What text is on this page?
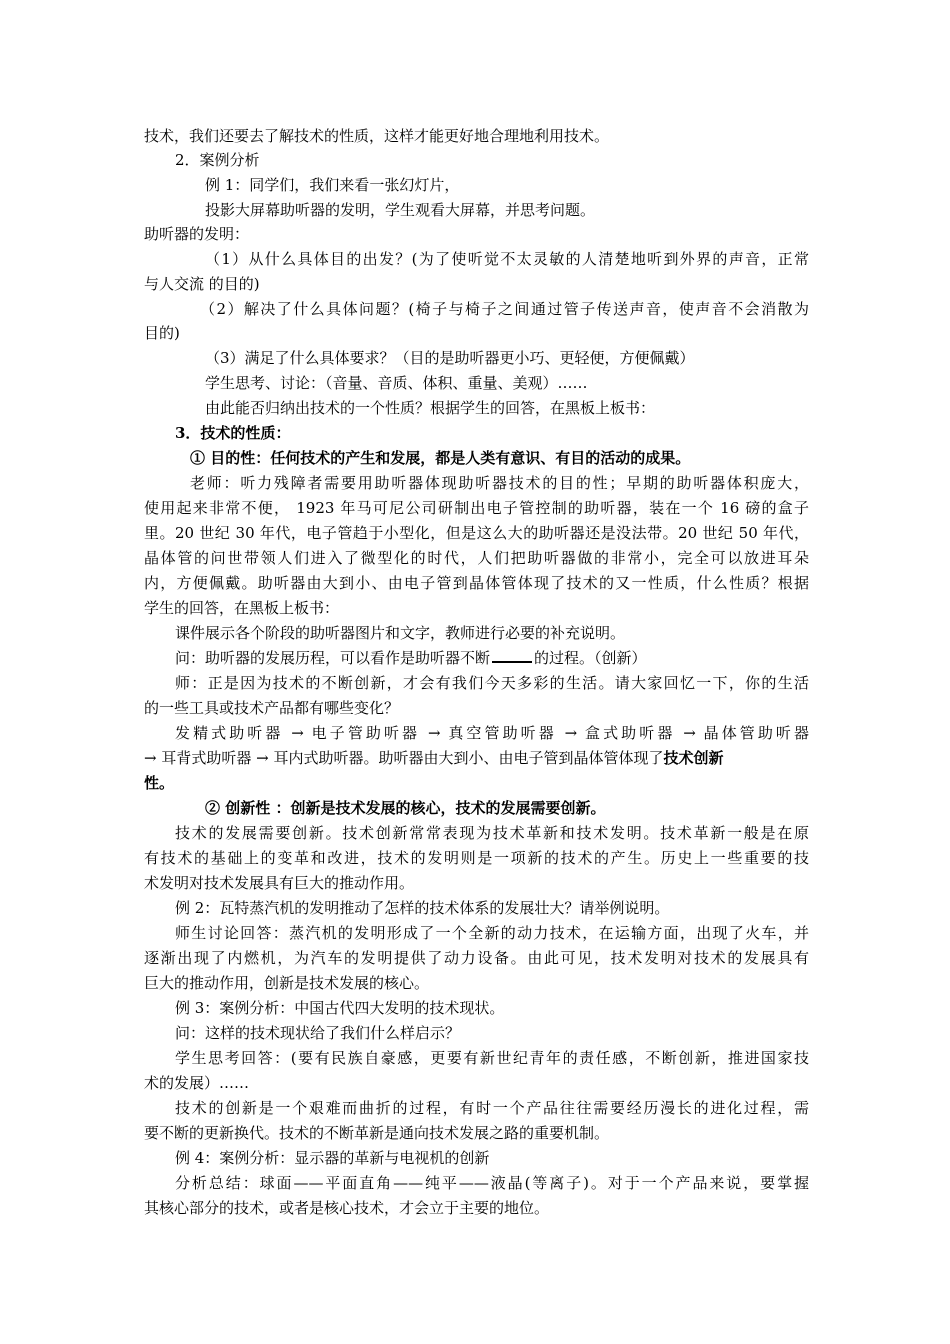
技术，我们还要去了解技术的性质，这样才能更好地合理地利用技术。
2．案例分析
例 1：同学们，我们来看一张幻灯片，
投影大屏幕助听器的发明，学生观看大屏幕，并思考问题。
助听器的发明：
（1）从什么具体目的出发？(为了使听觉不太灵敏的人清楚地听到外界的声音，正常
与人交流 的目的)
（2）解决了什么具体问题？(椅子与椅子之间通过管子传送声音，使声音不会消散为
目的)
（3）满足了什么具体要求？（目的是助听器更小巧、更轻便，方便佩戴）
学生思考、讨论：（音量、音质、体积、重量、美观）……
由此能否归纳出技术的一个性质？根据学生的回答，在黑板上板书：
3．技术的性质：
① 目的性：任何技术的产生和发展，都是人类有意识、有目的活动的成果。
老师：听力残障者需要用助听器体现助听器技术的目的性；早期的助听器体积庞大，
使用起来非常不便， 1923 年马可尼公司研制出电子管控制的助听器，装在一个 16 磅的盒子
里。20 世纪 30 年代，电子管趋于小型化，但是这么大的助听器还是没法带。20 世纪 50 年代，
晶体管的问世带领人们进入了微型化的时代，人们把助听器做的非常小，完全可以放进耳朵
内，方便佩戴。助听器由大到小、由电子管到晶体管体现了技术的又一性质，什么性质？根据
学生的回答，在黑板上板书：
课件展示各个阶段的助听器图片和文字，教师进行必要的补充说明。
问：助听器的发展历程，可以看作是助听器不断	的过程。（创新）
师：正是因为技术的不断创新，才会有我们今天多彩的生活。请大家回忆一下，你的生活
的一些工具或技术产品都有哪些变化？
发精式助听器 → 电子管助听器 → 真空管助听器 → 盒式助听器 → 晶体管助听器
→ 耳背式助听器 → 耳内式助听器。助听器由大到小、由电子管到晶体管体现了技术创新
性。
② 创新性 ：创新是技术发展的核心，技术的发展需要创新。
技术的发展需要创新。技术创新常常表现为技术革新和技术发明。技术革新一般是在原
有技术的基础上的变革和改进，技术的发明则是一项新的技术的产生。历史上一些重要的技
术发明对技术发展具有巨大的推动作用。
例 2：瓦特蒸汽机的发明推动了怎样的技术体系的发展壮大？请举例说明。
师生讨论回答：蒸汽机的发明形成了一个全新的动力技术，在运输方面，出现了火车，并
逐渐出现了内燃机，为汽车的发明提供了动力设备。由此可见，技术发明对技术的发展具有
巨大的推动作用，创新是技术发展的核心。
例 3：案例分析：中国古代四大发明的技术现状。
问：这样的技术现状给了我们什么样启示？
学生思考回答：(要有民族自豪感，更要有新世纪青年的责任感，不断创新，推进国家技
术的发展）……
技术的创新是一个艰难而曲折的过程，有时一个产品往往需要经历漫长的进化过程，需
要不断的更新换代。技术的不断革新是通向技术发展之路的重要机制。
例 4：案例分析：显示器的革新与电视机的创新
分析总结：球面——平面直角——纯平——液晶(等离子)。对于一个产品来说，要掌握
其核心部分的技术，或者是核心技术，才会立于主要的地位。
